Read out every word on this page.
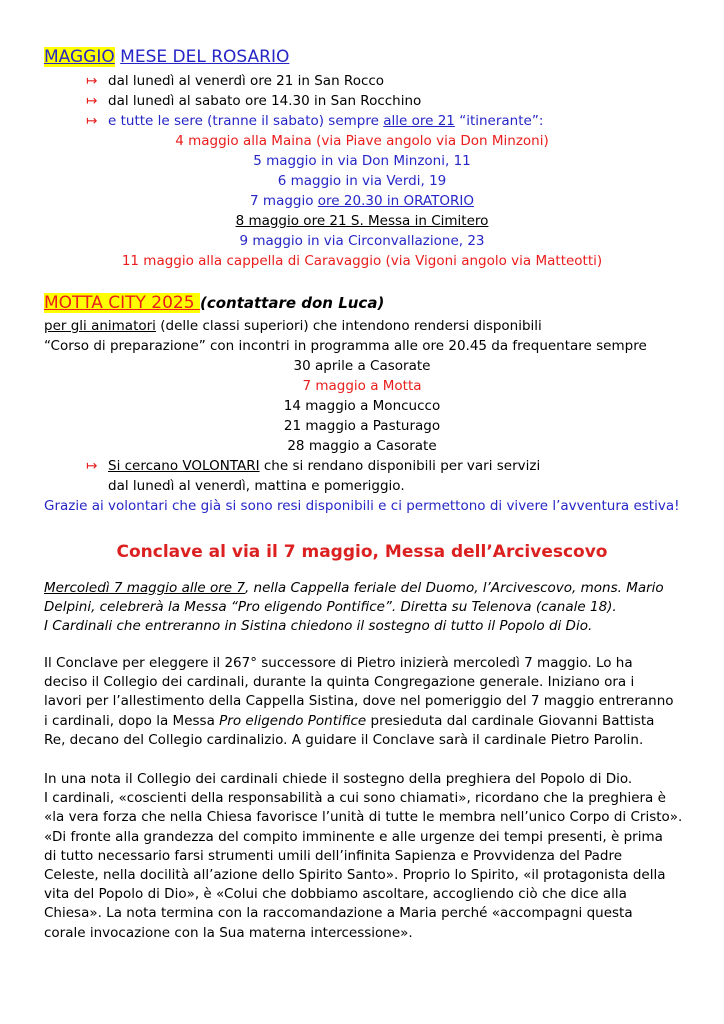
MAGGIO MESE DEL ROSARIO
↦ dal lunedì al venerdì ore 21 in San Rocco
↦ dal lunedì al sabato ore 14.30 in San Rocchino
↦ e tutte le sere (tranne il sabato) sempre alle ore 21 “itinerante”:
4 maggio alla Maina (via Piave angolo via Don Minzoni)
5 maggio in via Don Minzoni, 11
6 maggio in via Verdi, 19
7 maggio ore 20.30 in ORATORIO
8 maggio ore 21 S. Messa in Cimitero
9 maggio in via Circonvallazione, 23
11 maggio alla cappella di Caravaggio (via Vigoni angolo via Matteotti)
MOTTA CITY 2025 (contattare don Luca)
per gli animatori (delle classi superiori) che intendono rendersi disponibili
“Corso di preparazione” con incontri in programma alle ore 20.45 da frequentare sempre
30 aprile a Casorate
7 maggio a Motta
14 maggio a Moncucco
21 maggio a Pasturago
28 maggio a Casorate
↦ Si cercano VOLONTARI che si rendano disponibili per vari servizi
dal lunedì al venerdì, mattina e pomeriggio.
Grazie ai volontari che già si sono resi disponibili e ci permettono di vivere l’avventura estiva!
Conclave al via il 7 maggio, Messa dell’Arcivescovo
Mercoledì 7 maggio alle ore 7, nella Cappella feriale del Duomo, l’Arcivescovo, mons. Mario
Delpini, celebrerà la Messa “Pro eligendo Pontifice”. Diretta su Telenova (canale 18).
I Cardinali che entreranno in Sistina chiedono il sostegno di tutto il Popolo di Dio.
Il Conclave per eleggere il 267° successore di Pietro inizierà mercoledì 7 maggio. Lo ha
deciso il Collegio dei cardinali, durante la quinta Congregazione generale. Iniziano ora i
lavori per l’allestimento della Cappella Sistina, dove nel pomeriggio del 7 maggio entreranno
i cardinali, dopo la Messa Pro eligendo Pontifice presieduta dal cardinale Giovanni Battista
Re, decano del Collegio cardinalizio. A guidare il Conclave sarà il cardinale Pietro Parolin.
In una nota il Collegio dei cardinali chiede il sostegno della preghiera del Popolo di Dio.
I cardinali, «coscienti della responsabilità a cui sono chiamati», ricordano che la preghiera è
«la vera forza che nella Chiesa favorisce l’unità di tutte le membra nell’unico Corpo di Cristo».
«Di fronte alla grandezza del compito imminente e alle urgenze dei tempi presenti, è prima
di tutto necessario farsi strumenti umili dell’infinita Sapienza e Provvidenza del Padre
Celeste, nella docilità all’azione dello Spirito Santo». Proprio lo Spirito, «il protagonista della
vita del Popolo di Dio», è «Colui che dobbiamo ascoltare, accogliendo ciò che dice alla
Chiesa». La nota termina con la raccomandazione a Maria perché «accompagni questa
corale invocazione con la Sua materna intercessione».
